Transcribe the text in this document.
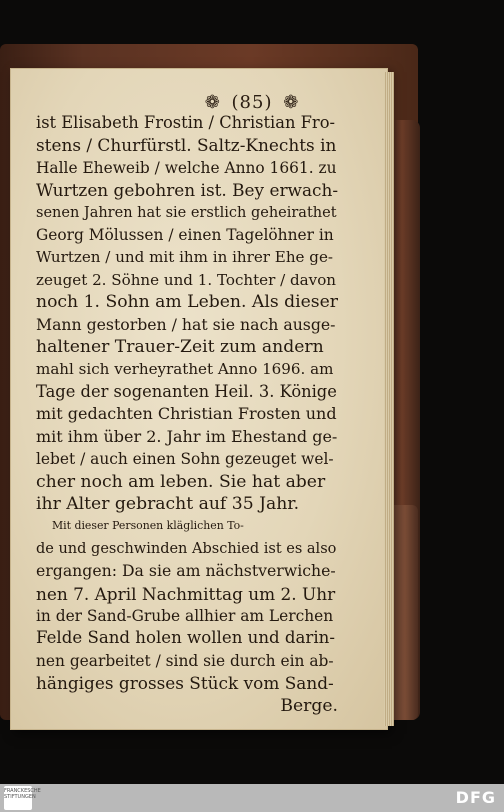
❁ (85) ❁
ist Elisabeth Frostin / Christian Fro-
stens / Churfürstl. Saltz-Knechts in
Halle Eheweib / welche Anno 1661. zu
Wurtzen gebohren ist. Bey erwach-
senen Jahren hat sie erstlich geheirathet
Georg Mölussen / einen Tagelöhner in
Wurtzen / und mit ihm in ihrer Ehe ge-
zeuget 2. Söhne und 1. Tochter / davon
noch 1. Sohn am Leben. Als dieser
Mann gestorben / hat sie nach ausge-
haltener Trauer-Zeit zum andern
mahl sich verheyrathet Anno 1696. am
Tage der sogenanten Heil. 3. Könige
mit gedachten Christian Frosten und
mit ihm über 2. Jahr im Ehestand ge-
lebet / auch einen Sohn gezeuget wel-
cher noch am leben. Sie hat aber
ihr Alter gebracht auf 35 Jahr.
Mit dieser Personen kläglichen To-
de und geschwinden Abschied ist es also
ergangen: Da sie am nächstverwiche-
nen 7. April Nachmittag um 2. Uhr
in der Sand-Grube allhier am Lerchen
Felde Sand holen wollen und darin-
nen gearbeitet / sind sie durch ein ab-
hängiges grosses Stück vom Sand-
Berge.
FRANCKESCHE STIFTUNGEN	DFG
